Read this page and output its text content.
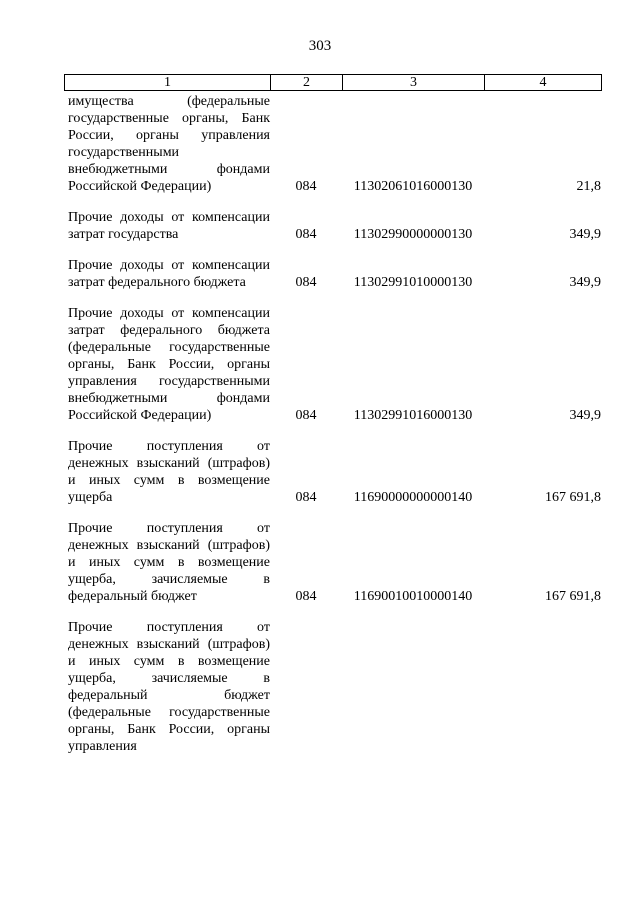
303
1	2	3	4
имущества (федеральные государственные органы, Банк России, органы управления государственными внебюджетными фондами Российской Федерации)	084	11302061016000130	21,8
Прочие доходы от компенсации затрат государства	084	11302990000000130	349,9
Прочие доходы от компенсации затрат федерального бюджета	084	11302991010000130	349,9
Прочие доходы от компенсации затрат федерального бюджета (федеральные государственные органы, Банк России, органы управления государственными внебюджетными фондами Российской Федерации)	084	11302991016000130	349,9
Прочие поступления от денежных взысканий (штрафов) и иных сумм в возмещение ущерба	084	11690000000000140	167 691,8
Прочие поступления от денежных взысканий (штрафов) и иных сумм в возмещение ущерба, зачисляемые в федеральный бюджет	084	11690010010000140	167 691,8
Прочие поступления от денежных взысканий (штрафов) и иных сумм в возмещение ущерба, зачисляемые в федеральный бюджет (федеральные государственные органы, Банк России, органы управления
